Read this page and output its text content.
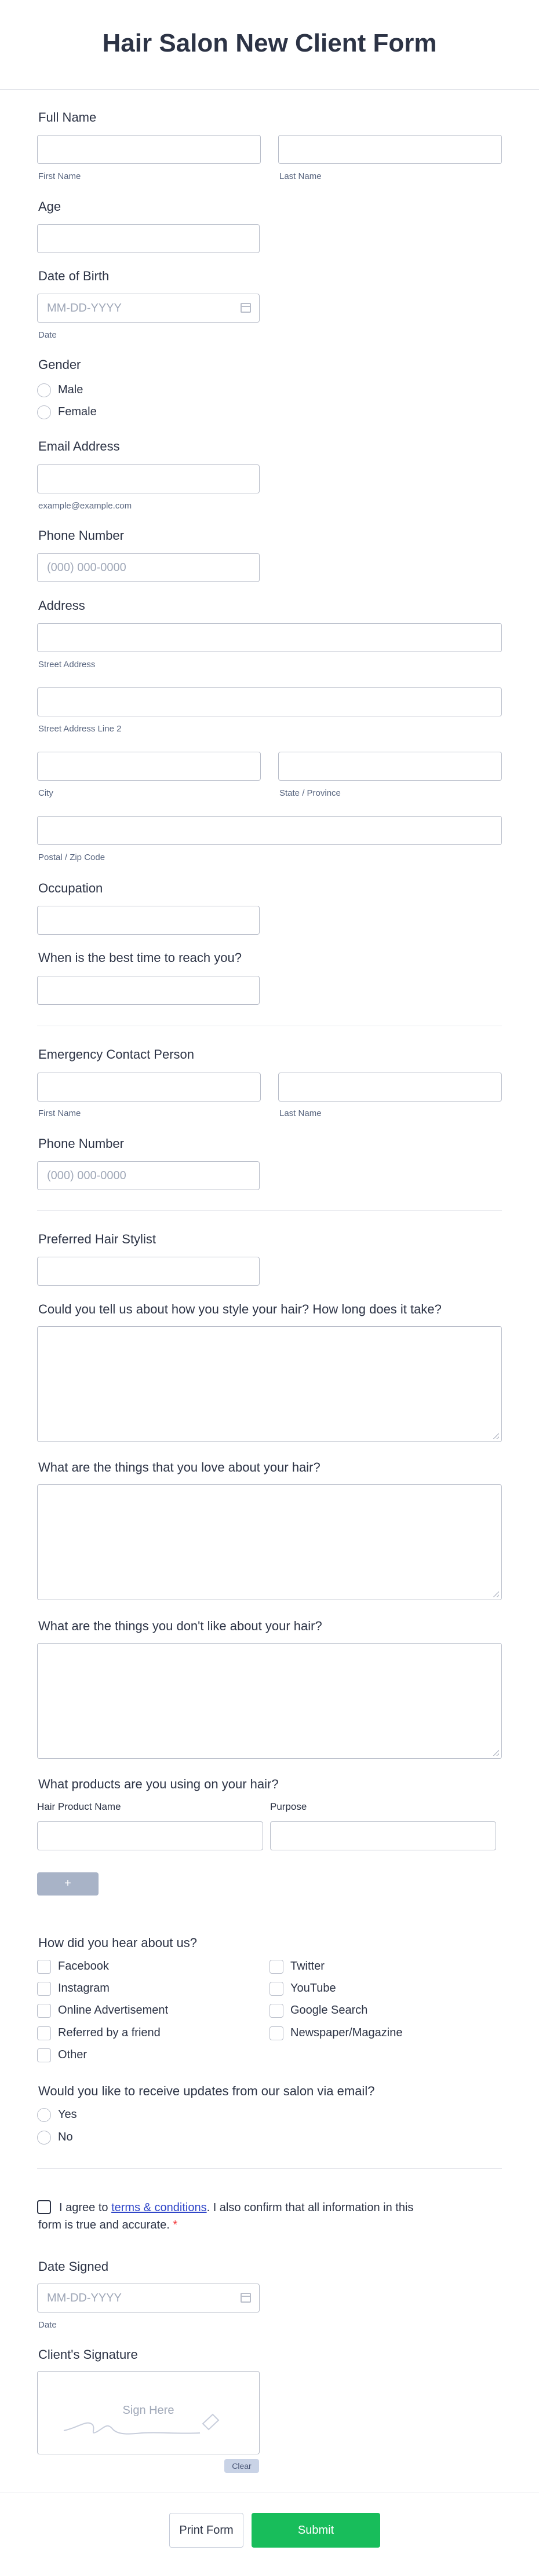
Hair Salon New Client Form
Full Name
First Name	Last Name
Age
Date of Birth
MM-DD-YYYY
Date
Gender
Male
Female
Email Address
example@example.com
Phone Number
(000) 000-0000
Address
Street Address
Street Address Line 2
City	State / Province
Postal / Zip Code
Occupation
When is the best time to reach you?
Emergency Contact Person
First Name	Last Name
Phone Number
(000) 000-0000
Preferred Hair Stylist
Could you tell us about how you style your hair? How long does it take?
What are the things that you love about your hair?
What are the things you don't like about your hair?
What products are you using on your hair?
Hair Product Name	Purpose
+
How did you hear about us?
Facebook
Instagram
Online Advertisement
Referred by a friend
Other
Twitter
YouTube
Google Search
Newspaper/Magazine
Would you like to receive updates from our salon via email?
Yes
No
I agree to terms & conditions. I also confirm that all information in this
form is true and accurate. *
Date Signed
MM-DD-YYYY
Date
Client's Signature
Sign Here
Clear
Print Form	Submit
